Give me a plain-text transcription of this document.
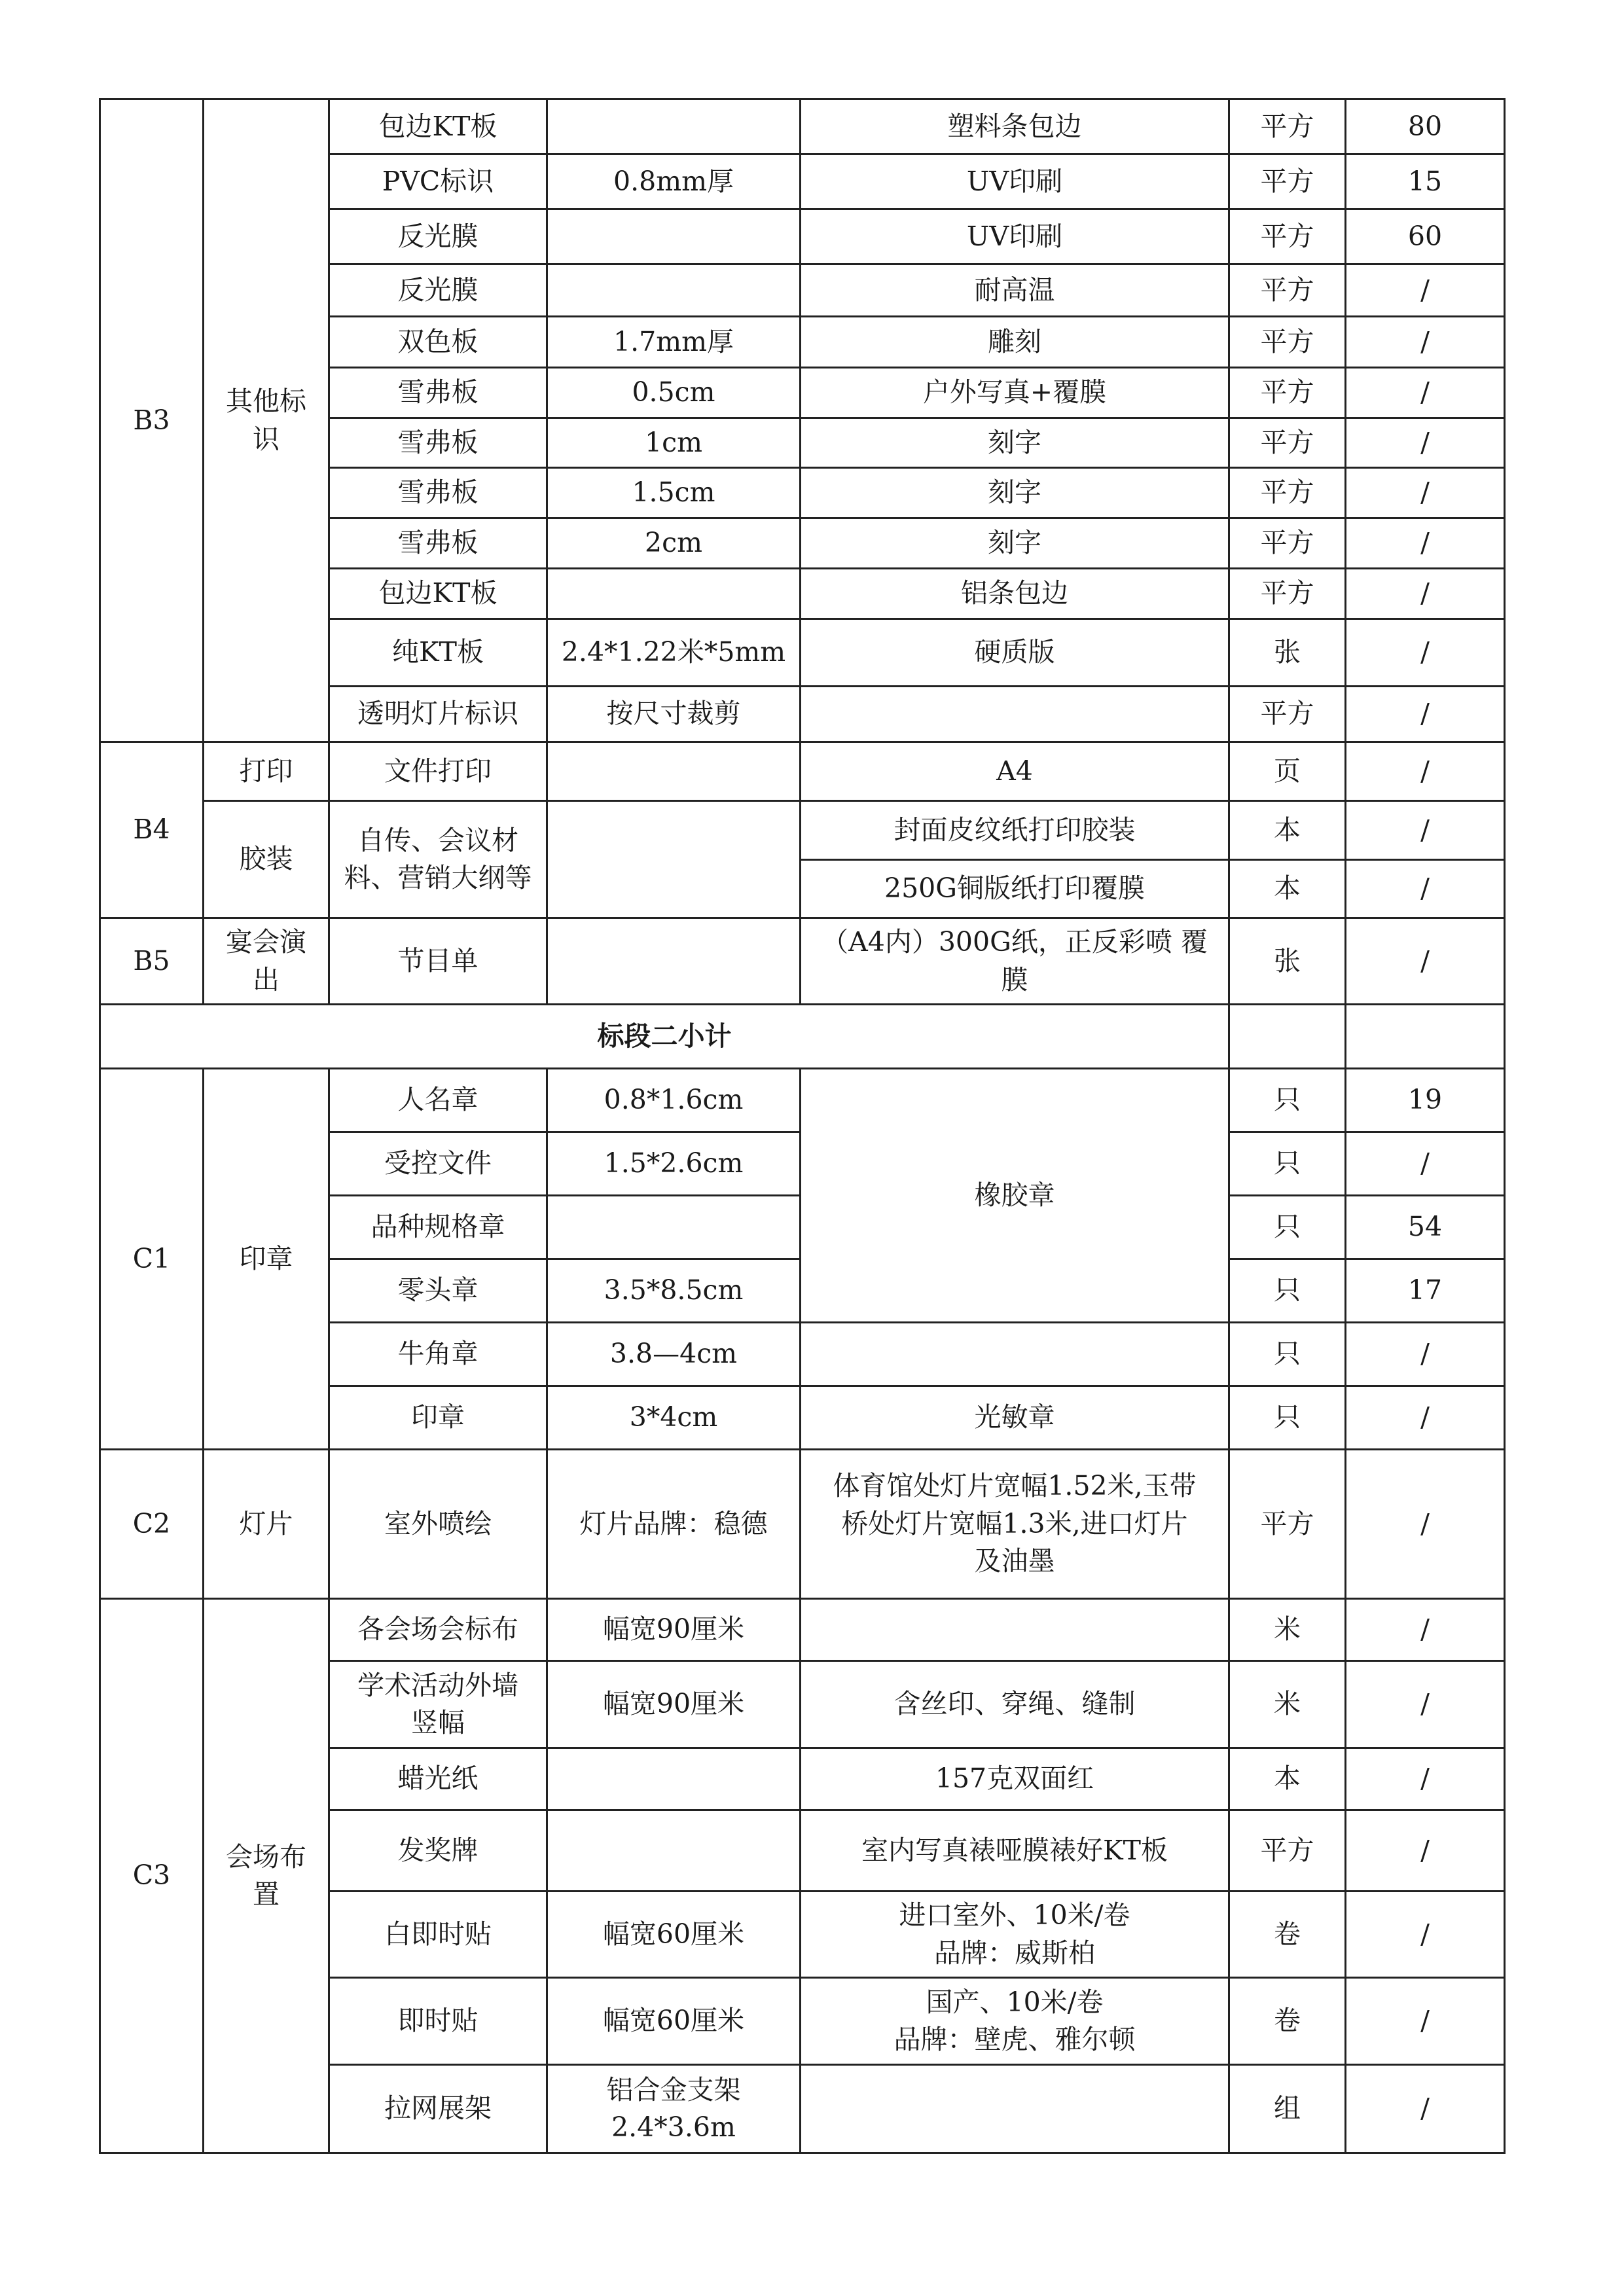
B3	其他标
识	包边KT板		塑料条包边	平方	80
		PVC标识	0.8mm厚	UV印刷	平方	15
		反光膜		UV印刷	平方	60
		反光膜		耐高温	平方	/
		双色板	1.7mm厚	雕刻	平方	/
		雪弗板	0.5cm	户外写真+覆膜	平方	/
		雪弗板	1cm	刻字	平方	/
		雪弗板	1.5cm	刻字	平方	/
		雪弗板	2cm	刻字	平方	/
		包边KT板		铝条包边	平方	/
		纯KT板	2.4*1.22米*5mm	硬质版	张	/
		透明灯片标识	按尺寸裁剪		平方	/
B4	打印	文件打印		A4	页	/
	胶装	自传、会议材
料、营销大纲等		封面皮纹纸打印胶装	本	/
				250G铜版纸打印覆膜	本	/
B5	宴会演
出	节目单		（A4内）300G纸，正反彩喷 覆
膜	张	/
标段二小计						
C1	印章	人名章	0.8*1.6cm	橡胶章	只	19
		受控文件	1.5*2.6cm		只	/
		品种规格章			只	54
		零头章	3.5*8.5cm		只	17
		牛角章	3.8—4cm		只	/
		印章	3*4cm	光敏章	只	/
C2	灯片	室外喷绘	灯片品牌：稳德	体育馆处灯片宽幅1.52米,玉带
桥处灯片宽幅1.3米,进口灯片
及油墨	平方	/
C3	会场布
置	各会场会标布	幅宽90厘米		米	/
		学术活动外墙
竖幅	幅宽90厘米	含丝印、穿绳、缝制	米	/
		蜡光纸		157克双面红	本	/
		发奖牌		室内写真裱哑膜裱好KT板	平方	/
		白即时贴	幅宽60厘米	进口室外、10米/卷
品牌：威斯柏	卷	/
		即时贴	幅宽60厘米	国产、10米/卷
品牌：壁虎、雅尔顿	卷	/
		拉网展架	铝合金支架
2.4*3.6m		组	/
